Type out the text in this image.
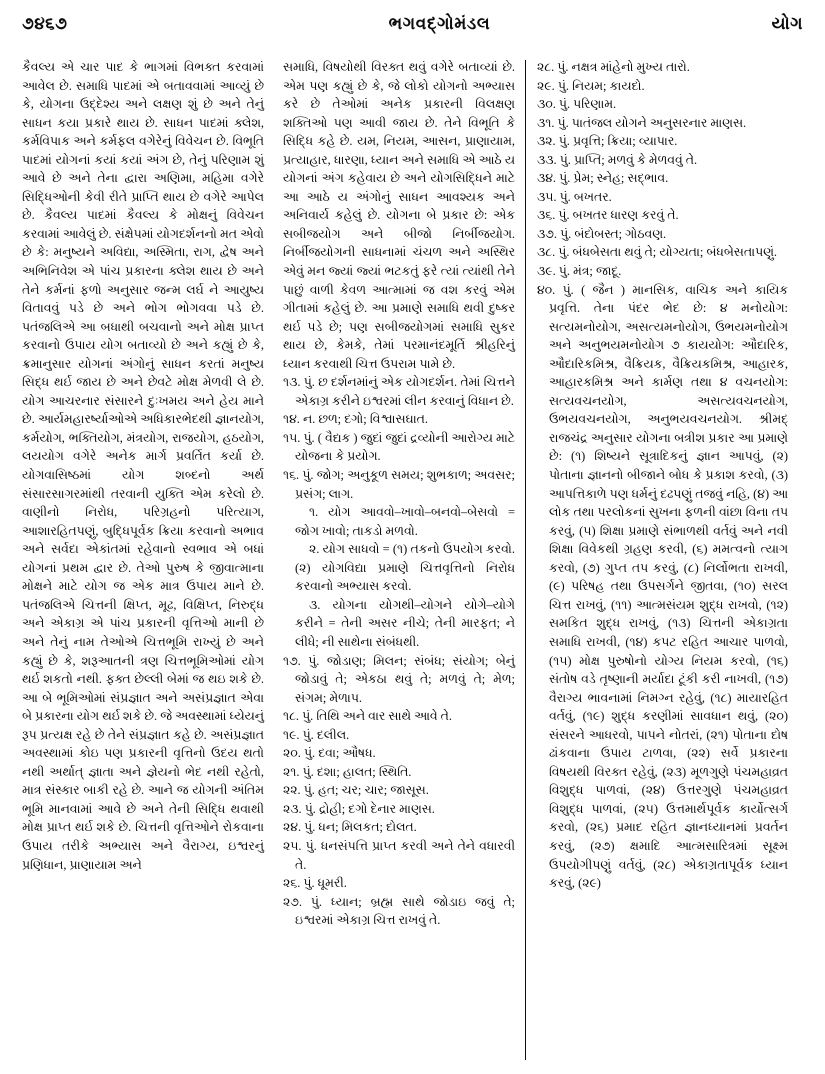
૭૪૬૭	ભગવદ્ગોમંડલ	યોગ

કૈવલ્ય એ ચાર પાદ કે ભાગમાં વિભક્ત કરવામાં આવેલ છે. સમાધિ પાદમાં એ બતાવવામાં આવ્યું છે કે, યોગના ઉદ્દેશ્ય અને લક્ષણ શું છે અને તેનું સાધન કયા પ્રકારે થાય છે. સાધન પાદમાં ક્લેશ, કર્મવિપાક અને કર્મફલ વગેરેનું વિવેચન છે. વિભૂતિ પાદમાં યોગનાં કયાં કયાં અંગ છે, તેનું પરિણામ શું આવે છે અને તેના દ્વારા અણિમા, મહિમા વગેરે સિદ્ધિઓની કેવી રીતે પ્રાપ્તિ થાય છે વગેરે આપેલ છે. કૈવલ્ય પાદમાં કૈવલ્ય કે મોક્ષનું વિવેચન કરવામાં આવેલું છે. સંક્ષેપમાં યોગદર્શનનો મત એવો છે કે: મનુષ્યને અવિદ્યા, અસ્મિતા, રાગ, દ્વેષ અને અભિનિવેશ એ પાંચ પ્રકારના ક્લેશ થાય છે અને તેને કર્મનાં ફળો અનુસાર જન્મ લર્ઘ ને આયુષ્ય વિતાવવું પડે છે અને ભોગ ભોગવવા પડે છે. પતંજલિએ આ બધાથી બચવાનો અને મોક્ષ પ્રાપ્ત કરવાનો ઉપાય યોગ બતાવ્યો છે અને કહ્યું છે કે, ક્રમાનુસાર યોગનાં અંગોનું સાધન કરતાં મનુષ્ય સિદ્ધ થર્ઇ જાય છે અને છેવટે મોક્ષ મેળવી લે છે. યોગ આચરનાર સંસારને દુઃખમય અને હેય માને છે. આર્યમહારર્ષ્યાઓએ અધિકારભેદથી જ્ઞાનયોગ, કર્મયોગ, ભક્તિયોગ, મંત્રયોગ, રાજયોગ, હઠયોગ, લયયોગ વગેરે અનેક માર્ગ પ્રવર્તિત કર્યા છે. યોગવાસિષ્ઠમાં યોગ શબ્દનો અર્થ સંસારસાગરમાંથી તરવાની યુક્તિ એમ કરેલો છે. વાણીનો નિરોધ, પરિગ્રહનો પરિત્યાગ, આશારહિતપણું, બુદ્ધિપૂર્વક ક્રિયા કરવાનો અભાવ અને સર્વદા એકાંતમાં રહેવાનો સ્વભાવ એ બધાં યોગનાં પ્રથમ દ્વાર છે. તેઓ પુરુષ કે જીવાત્માના મોક્ષને માટે યોગ જ એક માત્ર ઉપાય માને છે. પતંજલિએ ચિત્તની ક્ષિપ્ત, મૂઢ, વિક્ષિપ્ત, નિરુદ્ધ અને એકાગ્ર એ પાંચ પ્રકારની વૃત્તિઓ માની છે અને તેનું નામ તેઓએ ચિત્તભૂમિ રાખ્યું છે અને કહ્યું છે કે, શરૂઆતની ત્રણ ચિત્તભૂમિઓમાં યોગ થર્ઇ શકતો નથી. ફક્ત છેલ્લી બેમાં જ થઇ શકે છે. આ બે ભૂમિઓમાં સંપ્રજ્ઞાત અને અસંપ્રજ્ઞાત એવા બે પ્રકારના યોગ થર્ઇ શકે છે. જે અવસ્થામાં ધ્યેયનું રૂપ પ્રત્યક્ષ રહે છે તેને સંપ્રજ્ઞાત કહે છે. અસંપ્રજ્ઞાત અવસ્થામાં કોઇ પણ પ્રકારની વૃત્તિનો ઉદય થતો નથી અર્થાત્ જ્ઞાતા અને જ્ઞેયનો ભેદ નથી રહેતો, માત્ર સંસ્કાર બાકી રહે છે. આને જ યોગની અંતિમ ભૂમિ માનવામાં આવે છે અને તેની સિદ્ધિ થવાથી મોક્ષ પ્રાપ્ત થર્ઇ શકે છે. ચિત્તની વૃત્તિઓને રોકવાના ઉપાય તરીકે અભ્યાસ અને વૈરાગ્ય, ઇશ્વરનું પ્રણિધાન, પ્રાણાયામ અને

સમાધિ, વિષયોથી વિરક્ત થવું વગેરે બતાવ્યાં છે. એમ પણ કહ્યું છે કે, જે લોકો યોગનો અભ્યાસ કરે છે તેઓમાં અનેક પ્રકારની વિલક્ષણ શક્તિઓ પણ આવી જાય છે. તેને વિભૂતિ કે સિદ્ધિ કહે છે. યમ, નિયમ, આસન, પ્રાણાયામ, પ્રત્યાહાર, ધારણા, ધ્યાન અને સમાધિ એ આઠે ય યોગનાં અંગ કહેવાય છે અને યોગસિદ્ધિને માટે આ આઠે ય અંગોનું સાધન આવશ્યક અને અનિવાર્ય કહેલું છે. યોગના બે પ્રકાર છે: એક સબીજયોગ અને બીજો નિર્બીજયોગ. નિર્બીજયોગની સાધનામાં ચંચળ અને અસ્થિર એવું મન જ્યાં જ્યાં ભટકતું ફરે ત્યાં ત્યાંથી તેને પાછું વાળી કેવળ આત્મામાં જ વશ કરવું એમ ગીતામાં કહેલું છે. આ પ્રમાણે સમાધિ થવી દુષ્કર થર્ઇ પડે છે; પણ સબીજયોગમાં સમાધિ સુકર થાય છે, કેમકે, તેમાં પરમાનંદમૂર્તિ શ્રીહરિનું ધ્યાન કરવાથી ચિત્ત ઉપરામ પામે છે.

૧૩. પું. છ દર્શનમાંનું એક યોગદર્શન. તેમાં ચિત્તને એકાગ્ર કરીને ઇશ્વરમાં લીન કરવાનું વિધાન છે.

૧૪. ન. છળ; દગો; વિશ્વાસઘાત.

૧૫. પું. ( વૈદ્યક ) જુદાં જુદાં દ્રવ્યોની આરોગ્ય માટે યોજના કે પ્રયોગ.

૧૬. પું. જોગ; અનુકૂળ સમય; શુભકાળ; અવસર; પ્રસંગ; લાગ.

૧. યોગ આવવો–ખાવો–બનવો–બેસવો = જોગ ખાવો; તાકડો મળવો.

૨. યોગ સાધવો = (૧) તકનો ઉપયોગ કરવો. (૨) યોગવિદ્યા પ્રમાણે ચિત્તવૃત્તિનો નિરોધ કરવાનો અભ્યાસ કરવો.

૩. યોગના યોગથી–યોગને યોગે–યોગે કરીને = તેની અસર નીચે; તેની મારફત; ને લીધે; ની સાથેના સંબંધથી.

૧૭. પું. જોડાણ; મિલન; સંબંધ; સંયોગ; બેનું જોડાવું તે; એકઠા થવું તે; મળવું તે; મેળ; સંગમ; મેળાપ.

૧૮. પું. તિથિ અને વાર સાથે આવે તે.

૧૯. પું. દલીલ.

૨૦. પું. દવા; ઔષધ.

૨૧. પું. દશા; હાલત; સ્થિતિ.

૨૨. પું. હત; ચર; ચાર; જાસૂસ.

૨૩. પું. દ્રોહી; દગો દેનાર માણસ.

૨૪. પું. ધન; મિલકત; દોલત.

૨૫. પું. ધનસંપત્તિ પ્રાપ્ત કરવી અને તેને વધારવી તે.

૨૬. પું. ધૂમરી.

૨૭. પું. ધ્યાન; બ્રહ્મ સાથે જોડાઇ જવું તે; ઇશ્વરમાં એકાગ્ર ચિત્ત રાખવું તે.

૨૮. પું. નક્ષત્ર માંહેનો મુખ્ય તારો.

૨૯. પું. નિયમ; કાયદો.

૩૦. પું. પરિણામ.

૩૧. પું. પાતંજલ યોગને અનુસરનાર માણસ.

૩૨. પું. પ્રવૃત્તિ; ક્રિયા; વ્યાપાર.

૩૩. પું. પ્રાપ્તિ; મળવું કે મેળવવું તે.

૩૪. પું. પ્રેમ; સ્નેહ; સદ્‌ભાવ.

૩૫. પું. બખતર.

૩૬. પું. બખતર ધારણ કરવું તે.

૩૭. પું. બંદોબસ્ત; ગોઠવણ.

૩૮. પું. બંધબેસતા થવું તે; યોગ્યતા; બંધબેસતાપણું.

૩૯. પું. મંત્ર; જાદૂ.

૪૦. પું. ( જૈન ) માનસિક, વાચિક અને કાયિક પ્રવૃત્તિ. તેના પંદર ભેદ છે: ૪ મનોયોગ: સત્યમનોયોગ, અસત્યમનોયોગ, ઉભયમનોયોગ અને અનુભયમનોયોગ ૭ કાયયોગ: ઔદારિક, ઔદારિકમિશ્ર, વૈક્રિયક, વૈક્રિયકમિશ્ર, આહારક, આહારકમિશ્ર અને કાર્મણ તથા ૪ વચનયોગ: સત્યવચનયોગ, અસત્યવચનયોગ, ઉભયવચનયોગ, અનુભયવચનયોગ. શ્રીમદ્ રાજચંદ્ર અનુસાર યોગના બત્રીશ પ્રકાર આ પ્રમાણે છે: (૧) શિષ્યને સૂત્રાદિકનું જ્ઞાન આપવું, (૨) પોતાના જ્ઞાનનો બીજાને બોધ કે પ્રકાશ કરવો, (૩) આપત્તિકાળે પણ ધર્મનું દઢપણું તજવું નહિ, (૪) આ લોક તથા પરલોકનાં સુખના ફળની વાંછા વિના તપ કરવું, (૫) શિક્ષા પ્રમાણે સંભાળથી વર્તવું અને નવી શિક્ષા વિવેકથી ગ્રહણ કરવી, (૬) મમત્વનો ત્યાગ કરવો, (૭) ગુપ્ત તપ કરવું, (૮) નિર્લોભતા રાખવી, (૯) પરિષહ તથા ઉપસર્ગને જીતવા, (૧૦) સરલ ચિત્ત રાખવું, (૧૧) આત્મસંયમ શુદ્ધ રાખવો, (૧૨) સમકિત શુદ્ધ રાખવું, (૧૩) ચિત્તની એકાગ્રતા સમાધિ રાખવી, (૧૪) કપટ રહિત આચાર પાળવો, (૧૫) મોક્ષ પુરુષોનો યોગ્ય નિયમ કરવો, (૧૬) સંતોષ વડે તૃષ્ણાની મર્યાદા ટૂંકી કરી નાખવી, (૧૭) વૈરાગ્ય ભાવનામાં નિમગ્ન રહેવું, (૧૮) માયારહિત વર્તવું, (૧૯) શુદ્ધ કરણીમાં સાવધાન થવું, (૨૦) સંસરને આધરવો, પાપને નોતરાં, (૨૧) પોતાના દોષ ઢાંકવાના ઉપાય ટાળવા, (૨૨) સર્વે પ્રકારના વિષયથી વિરક્ત રહેવું, (૨૩) મૂળગુણે પંચમહાવ્રત વિશુદ્ધ પાળવાં, (૨૪) ઉત્તરગુણે પંચમહાવ્રત વિશુદ્ધ પાળવાં, (૨૫) ઉત્તમાર્થપૂર્વક કાર્યોત્સર્ગ કરવો, (૨૬) પ્રમાદ રહિત જ્ઞાનધ્યાનમાં પ્રવર્તન કરવું, (૨૭) ક્ષમાદિ આત્મસારિત્રમાં સૂક્ષ્મ ઉપયોગીપણું વર્તવું, (૨૮) એકાગ્રતાપૂર્વક ધ્યાન કરવું, (૨૯)
